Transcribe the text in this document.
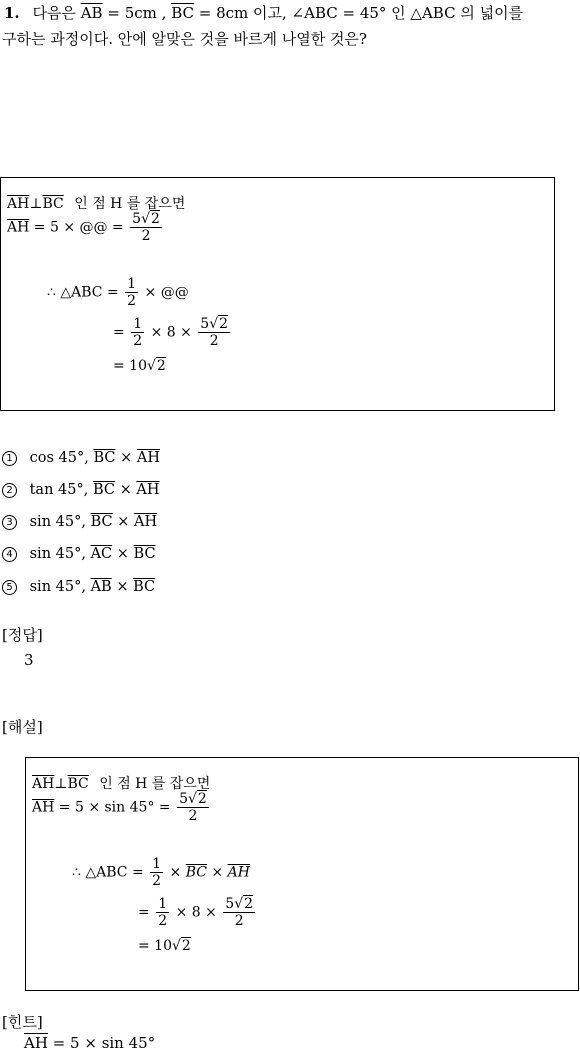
1. 다음은 $\overline{AB} = 5cm$ , $\overline{BC} = 8cm$ 이고, ∠ABC = 45° 인 △ABC 의 넓이를
구하는 과정이다. 안에 알맞은 것을 바르게 나열한 것은?
$\overline{AH}\perp\overline{BC}$ 인 점 H 를 잡으면
$\overline{AH} = 5$ × @@ = $\frac{5√2}{2}$
∴ △ABC = $\frac{1}{2}$ × @@
= $\frac{1}{2} \times 8 \times \frac{5√2}{2}$
= 10√2
1 cos 45°, $\overline{BC} \times \overline{AH}$
2 tan 45°, $\overline{BC} \times \overline{AH}$
3 sin 45°, $\overline{BC} \times \overline{AH}$
4 sin 45°, $\overline{AC} \times \overline{BC}$
5 sin 45°, $\overline{AB} \times \overline{BC}$
[정답]
3
[해설]
$\overline{AH}\perp\overline{BC}$ 인 점 H 를 잡으면
$\overline{AH} = 5 \times \sin 45^\circ = \frac{5√2}{2}$
∴ △ABC = $\frac{1}{2} \times \overline{BC} \times \overline{AH}$
= $\frac{1}{2} \times 8 \times \frac{5√2}{2}$
= 10√2
[힌트]
$\overline{AH} = 5 \times \sin 45^\circ$
